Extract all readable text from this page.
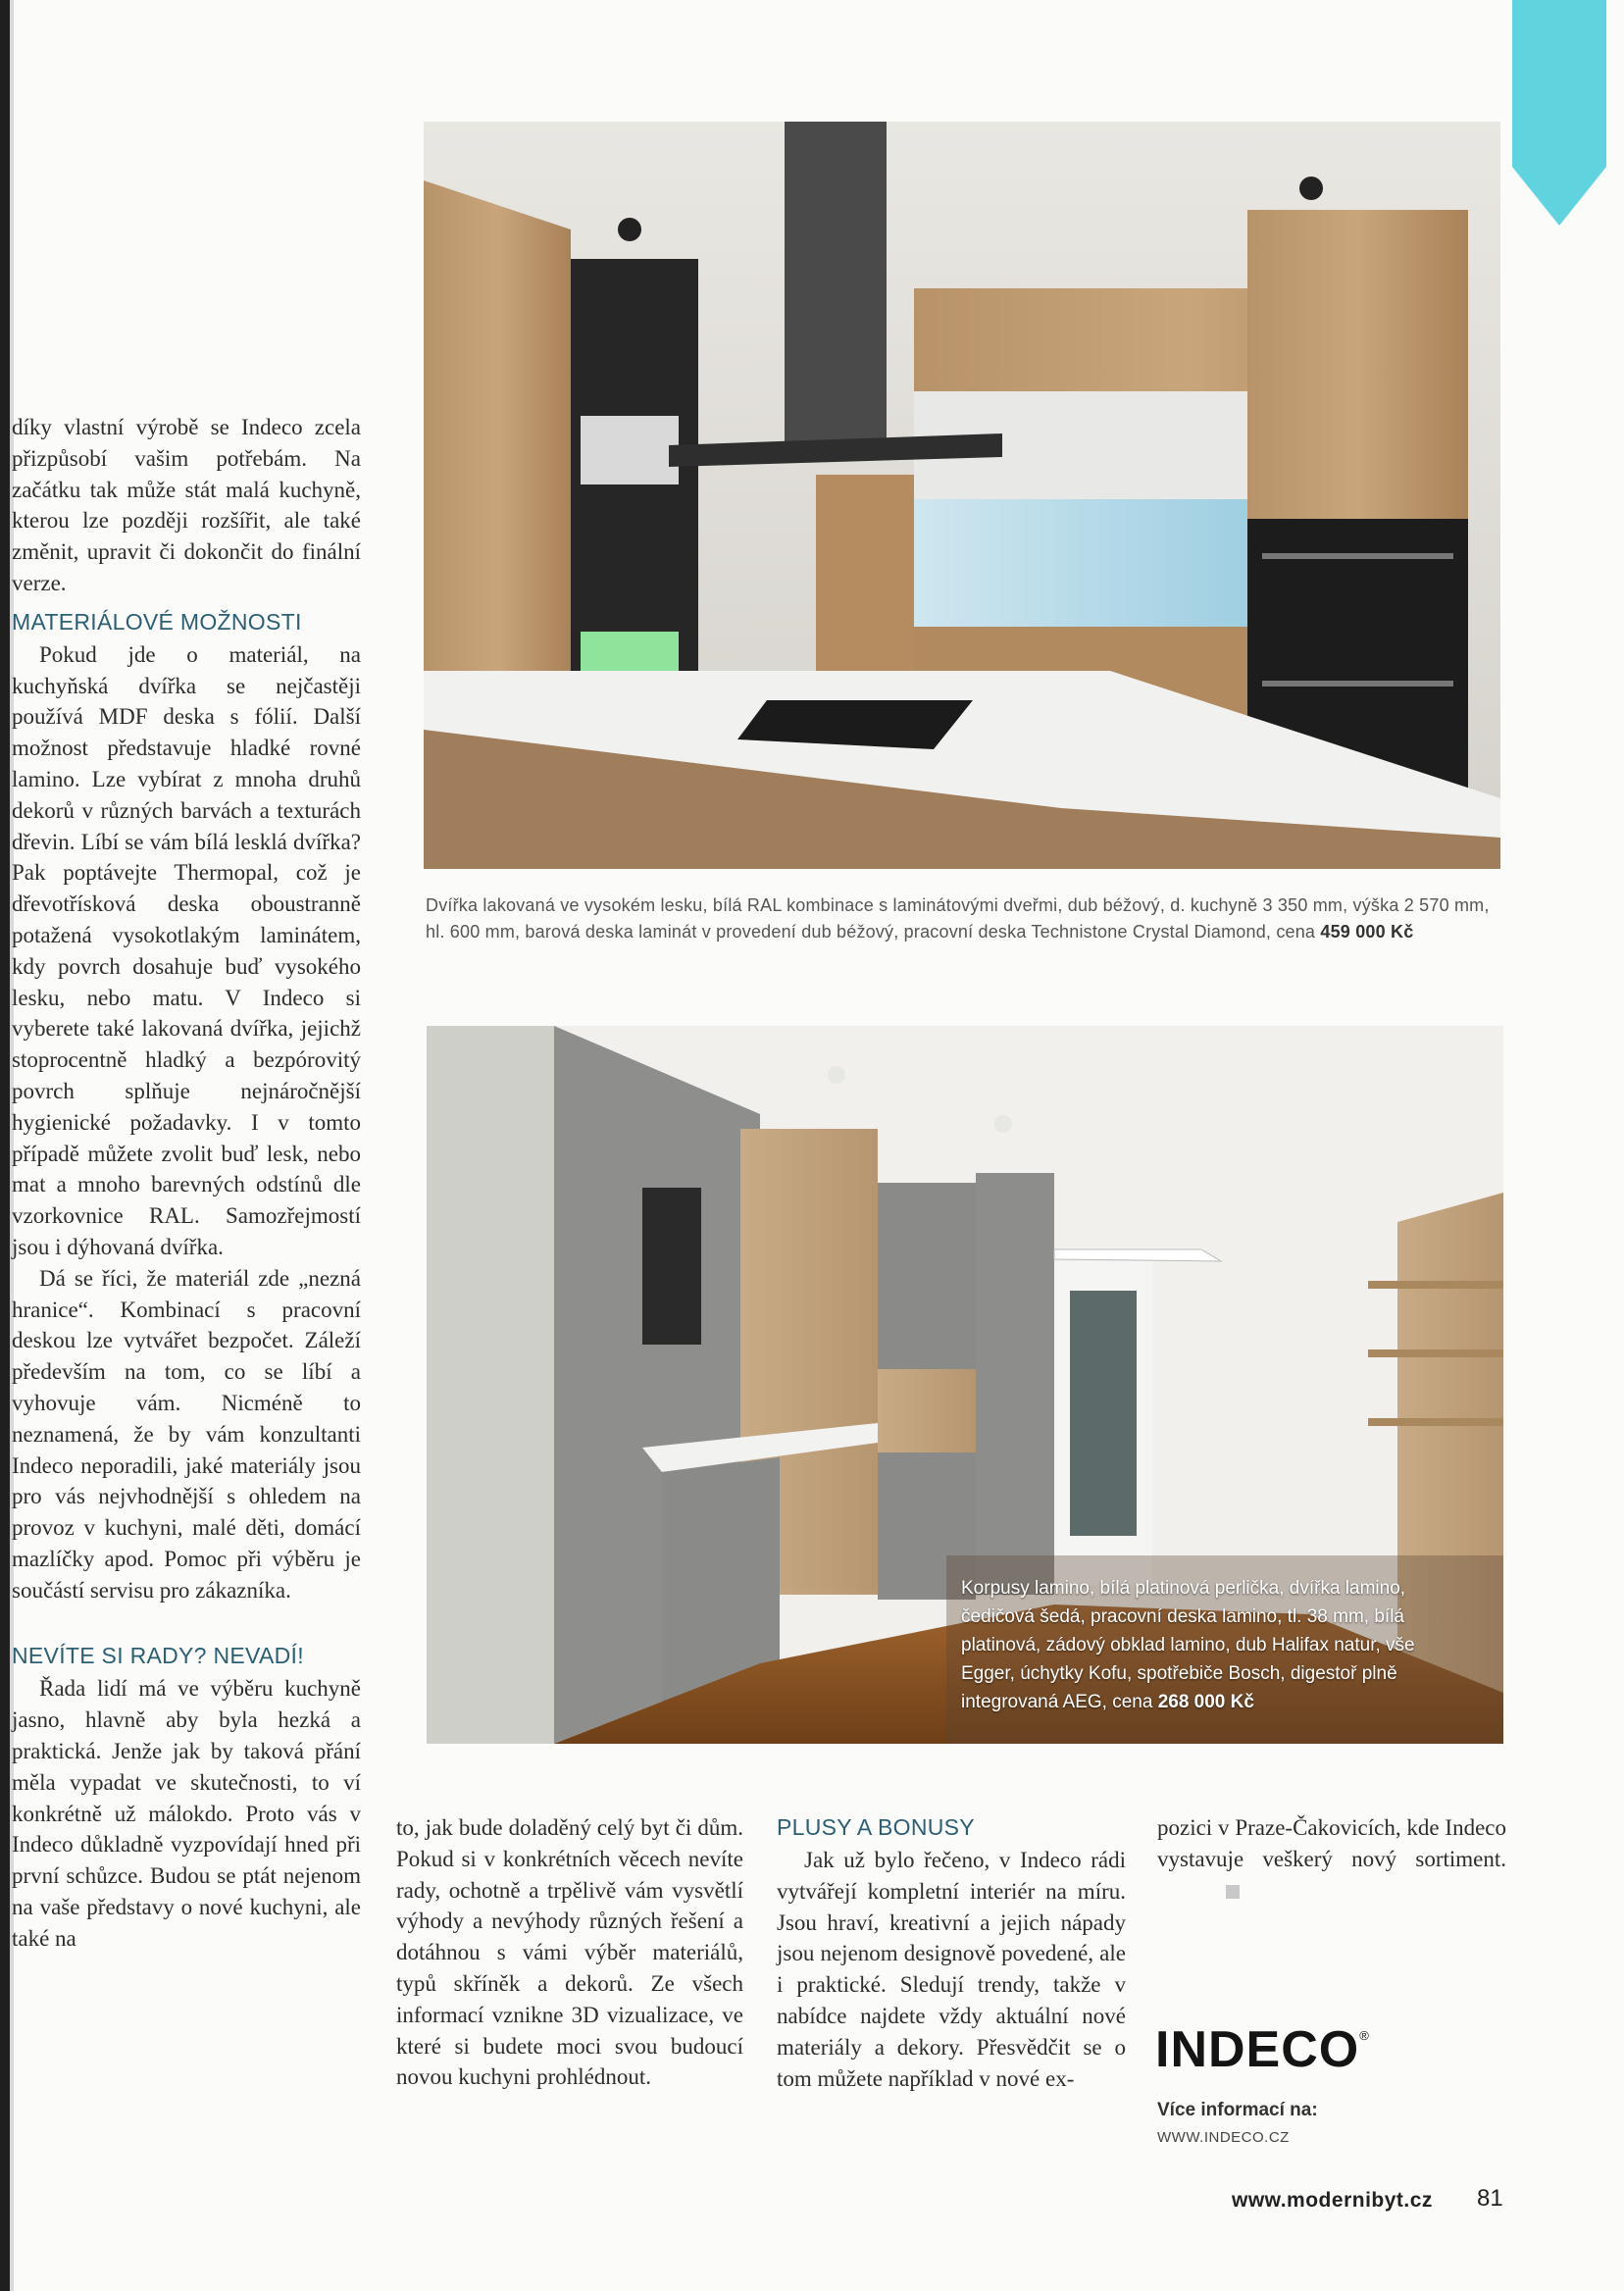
díky vlastní výrobě se Indeco zcela přizpůsobí vašim potřebám. Na začátku tak může stát malá kuchyně, kterou lze později rozšířit, ale také změnit, upravit či dokončit do finální verze.

MATERIÁLOVÉ MOŽNOSTI

Pokud jde o materiál, na kuchyňská dvířka se nejčastěji používá MDF deska s fólií. Další možnost představuje hladké rovné lamino. Lze vybírat z mnoha druhů dekorů v různých barvách a texturách dřevin. Líbí se vám bílá lesklá dvířka? Pak poptávejte Thermopal, což je dřevotřísková deska oboustranně potažená vysokotlakým laminátem, kdy povrch dosahuje buď vysokého lesku, nebo matu. V Indeco si vyberete také lakovaná dvířka, jejichž stoprocentně hladký a bezpórovitý povrch splňuje nejnáročnější hygienické požadavky. I v tomto případě můžete zvolit buď lesk, nebo mat a mnoho barevných odstínů dle vzorkovnice RAL. Samozřejmostí jsou i dýhovaná dvířka.

Dá se říci, že materiál zde „nezná hranice“. Kombinací s pracovní deskou lze vytvářet bezpočet. Záleží především na tom, co se líbí a vyhovuje vám. Nicméně to neznamená, že by vám konzultanti Indeco neporadili, jaké materiály jsou pro vás nejvhodnější s ohledem na provoz v kuchyni, malé děti, domácí mazlíčky apod. Pomoc při výběru je součástí servisu pro zákazníka.

NEVÍTE SI RADY? NEVADÍ!

Řada lidí má ve výběru kuchyně jasno, hlavně aby byla hezká a praktická. Jenže jak by taková přání měla vypadat ve skutečnosti, to ví konkrétně už málokdo. Proto vás v Indeco důkladně vyzpovídají hned při první schůzce. Budou se ptát nejenom na vaše představy o nové kuchyni, ale také na

Dvířka lakovaná ve vysokém lesku, bílá RAL kombinace s laminátovými dveřmi, dub béžový, d. kuchyně 3 350 mm, výška 2 570 mm, hl. 600 mm, barová deska laminát v provedení dub béžový, pracovní deska Technistone Crystal Diamond, cena 459 000 Kč
Korpusy lamino, bílá platinová perlička, dvířka lamino, čedičová šedá, pracovní deska lamino, tl. 38 mm, bílá platinová, zádový obklad lamino, dub Halifax natur, vše Egger, úchytky Kofu, spotřebiče Bosch, digestoř plně integrovaná AEG, cena 268 000 Kč

to, jak bude doladěný celý byt či dům. Pokud si v konkrétních věcech nevíte rady, ochotně a trpělivě vám vysvětlí výhody a nevýhody různých řešení a dotáhnou s vámi výběr materiálů, typů skříněk a dekorů. Ze všech informací vznikne 3D vizualizace, ve které si budete moci svou budoucí novou kuchyni prohlédnout.

PLUSY A BONUSY

Jak už bylo řečeno, v Indeco rádi vytvářejí kompletní interiér na míru. Jsou hraví, kreativní a jejich nápady jsou nejenom designově povedené, ale i praktické. Sledují trendy, takže v nabídce najdete vždy aktuální nové materiály a dekory. Přesvědčit se o tom můžete například v nové ex-

pozici v Praze-Čakovicích, kde Indeco vystavuje veškerý nový sortiment.

INDECO®
Více informací na:
WWW.INDECO.CZ
www.modernibyt.cz 81
